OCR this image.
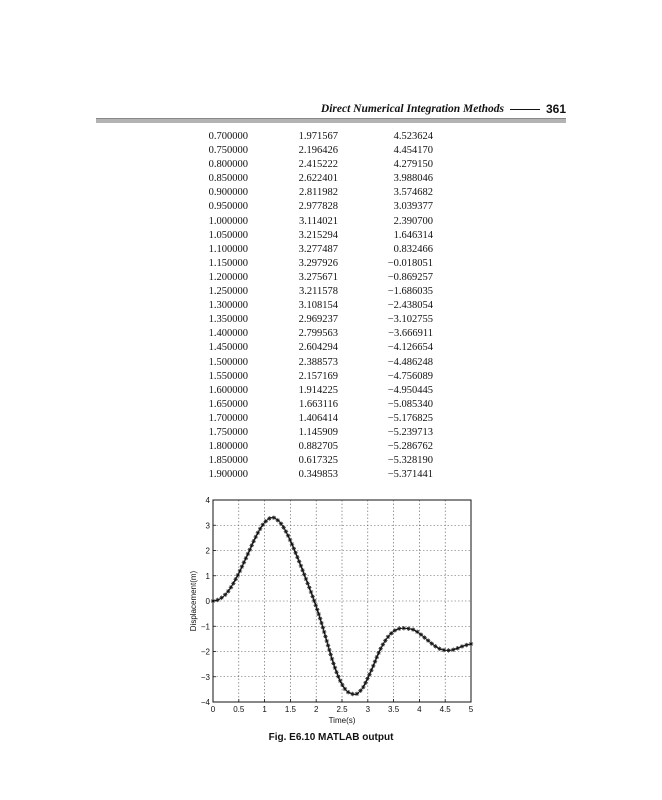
Direct Numerical Integration Methods	361
0.700000	1.971567	4.523624
0.750000	2.196426	4.454170
0.800000	2.415222	4.279150
0.850000	2.622401	3.988046
0.900000	2.811982	3.574682
0.950000	2.977828	3.039377
1.000000	3.114021	2.390700
1.050000	3.215294	1.646314
1.100000	3.277487	0.832466
1.150000	3.297926	−0.018051
1.200000	3.275671	−0.869257
1.250000	3.211578	−1.686035
1.300000	3.108154	−2.438054
1.350000	2.969237	−3.102755
1.400000	2.799563	−3.666911
1.450000	2.604294	−4.126654
1.500000	2.388573	−4.486248
1.550000	2.157169	−4.756089
1.600000	1.914225	−4.950445
1.650000	1.663116	−5.085340
1.700000	1.406414	−5.176825
1.750000	1.145909	−5.239713
1.800000	0.882705	−5.286762
1.850000	0.617325	−5.328190
1.900000	0.349853	−5.371441
0 0.5 1 1.5 2 2.5 3 3.5 4 4.5 5
−4
−3
−2
−1
0
1
2
3
4
Time(s)
Displacement(m)
Fig. E6.10 MATLAB output
